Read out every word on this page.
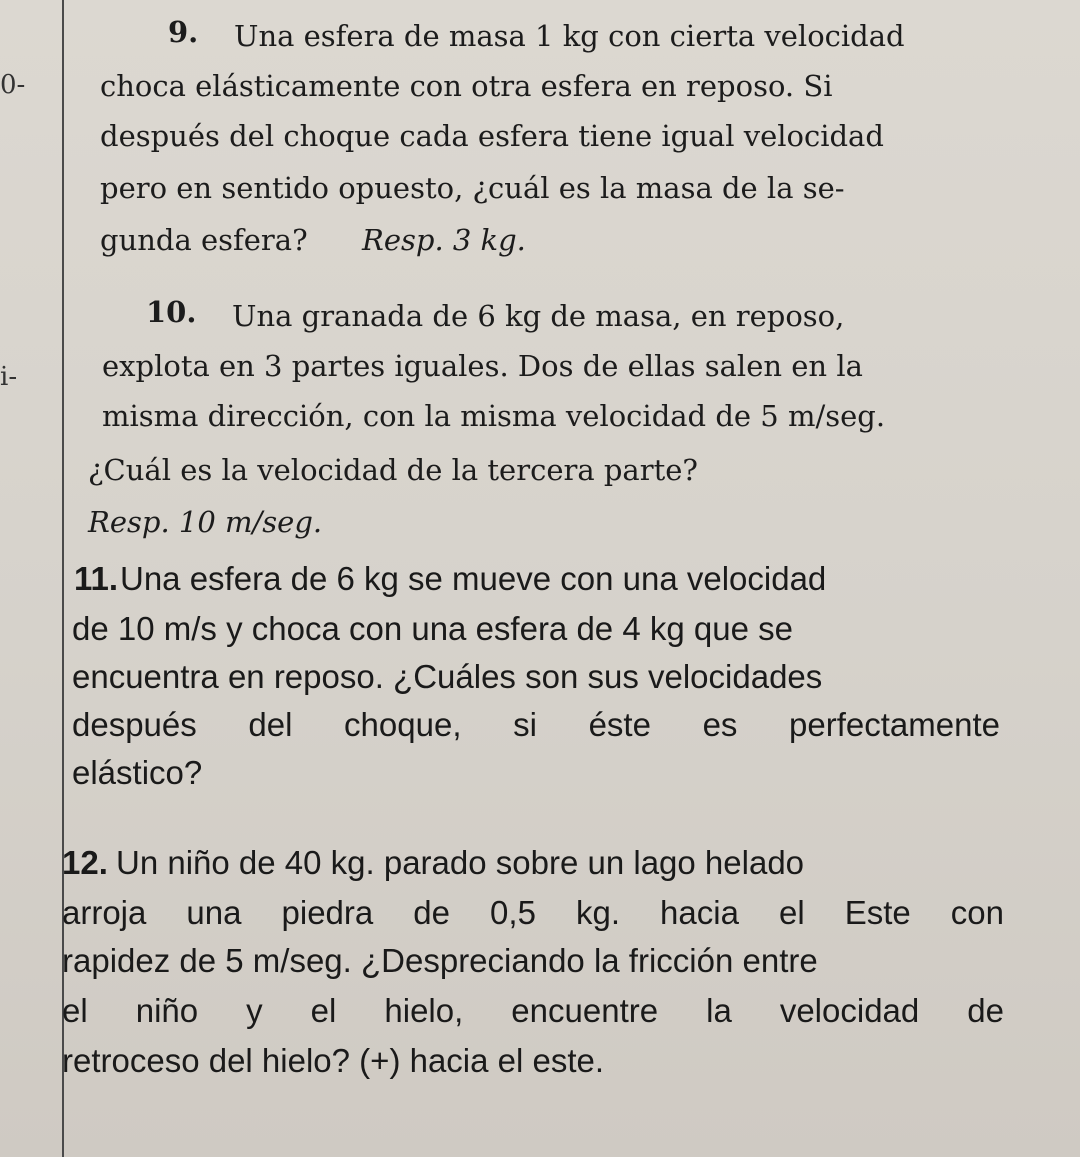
0-
i-
9. Una esfera de masa 1 kg con cierta velocidad
choca elásticamente con otra esfera en reposo. Si
después del choque cada esfera tiene igual velocidad
pero en sentido opuesto, ¿cuál es la masa de la se-
gunda esfera? Resp. 3 kg.
10. Una granada de 6 kg de masa, en reposo,
explota en 3 partes iguales. Dos de ellas salen en la
misma dirección, con la misma velocidad de 5 m/seg.
¿Cuál es la velocidad de la tercera parte?
Resp. 10 m/seg.
11. Una esfera de 6 kg se mueve con una velocidad
de 10 m/s y choca con una esfera de 4 kg que se
encuentra en reposo. ¿Cuáles son sus velocidades
después del choque, si éste es perfectamente
elástico?
12. Un niño de 40 kg. parado sobre un lago helado
arroja una piedra de 0,5 kg. hacia el Este con
rapidez de 5 m/seg. ¿Despreciando la fricción entre
el niño y el hielo, encuentre la velocidad de
retroceso del hielo? (+) hacia el este.
